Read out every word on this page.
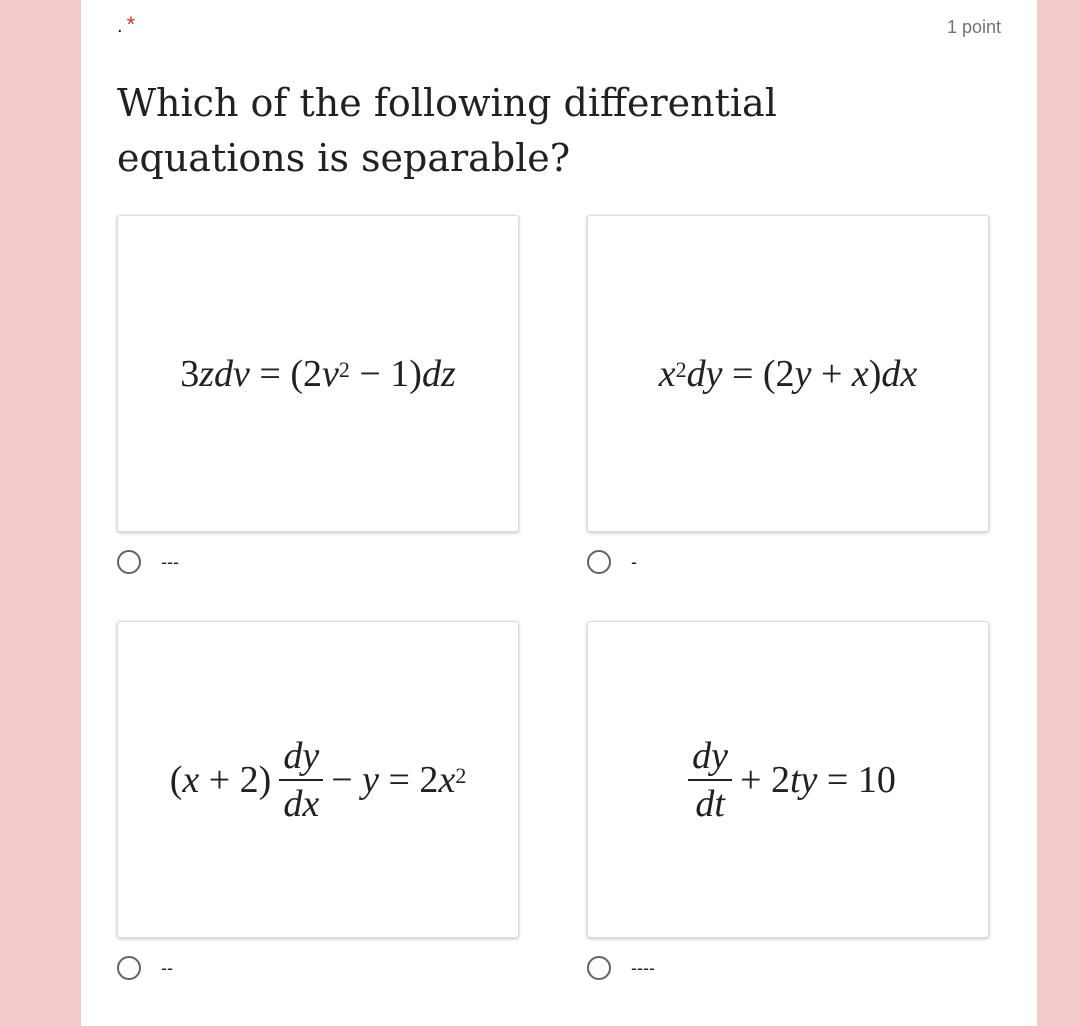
. *	1 point
Which of the following differential equations is separable?
3 zdv = (2 $v^2 - 1$) dz
---
$x^2$ dy = (2 y + x ) dx
-
( $x + 2) \frac{dy}{dx} - y = 2$ $x^2$
--
$\frac{dy}{dt} + 2$ ty = 10
----
